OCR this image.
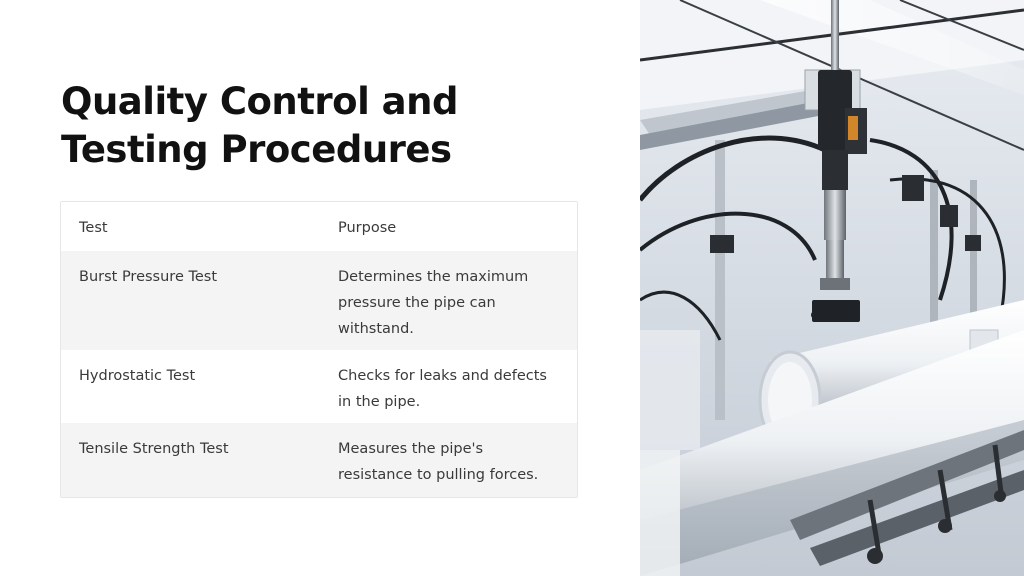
Quality Control and Testing Procedures
Test	Purpose
Burst Pressure Test	Determines the maximum pressure the pipe can withstand.
Hydrostatic Test	Checks for leaks and defects in the pipe.
Tensile Strength Test	Measures the pipe's resistance to pulling forces.
